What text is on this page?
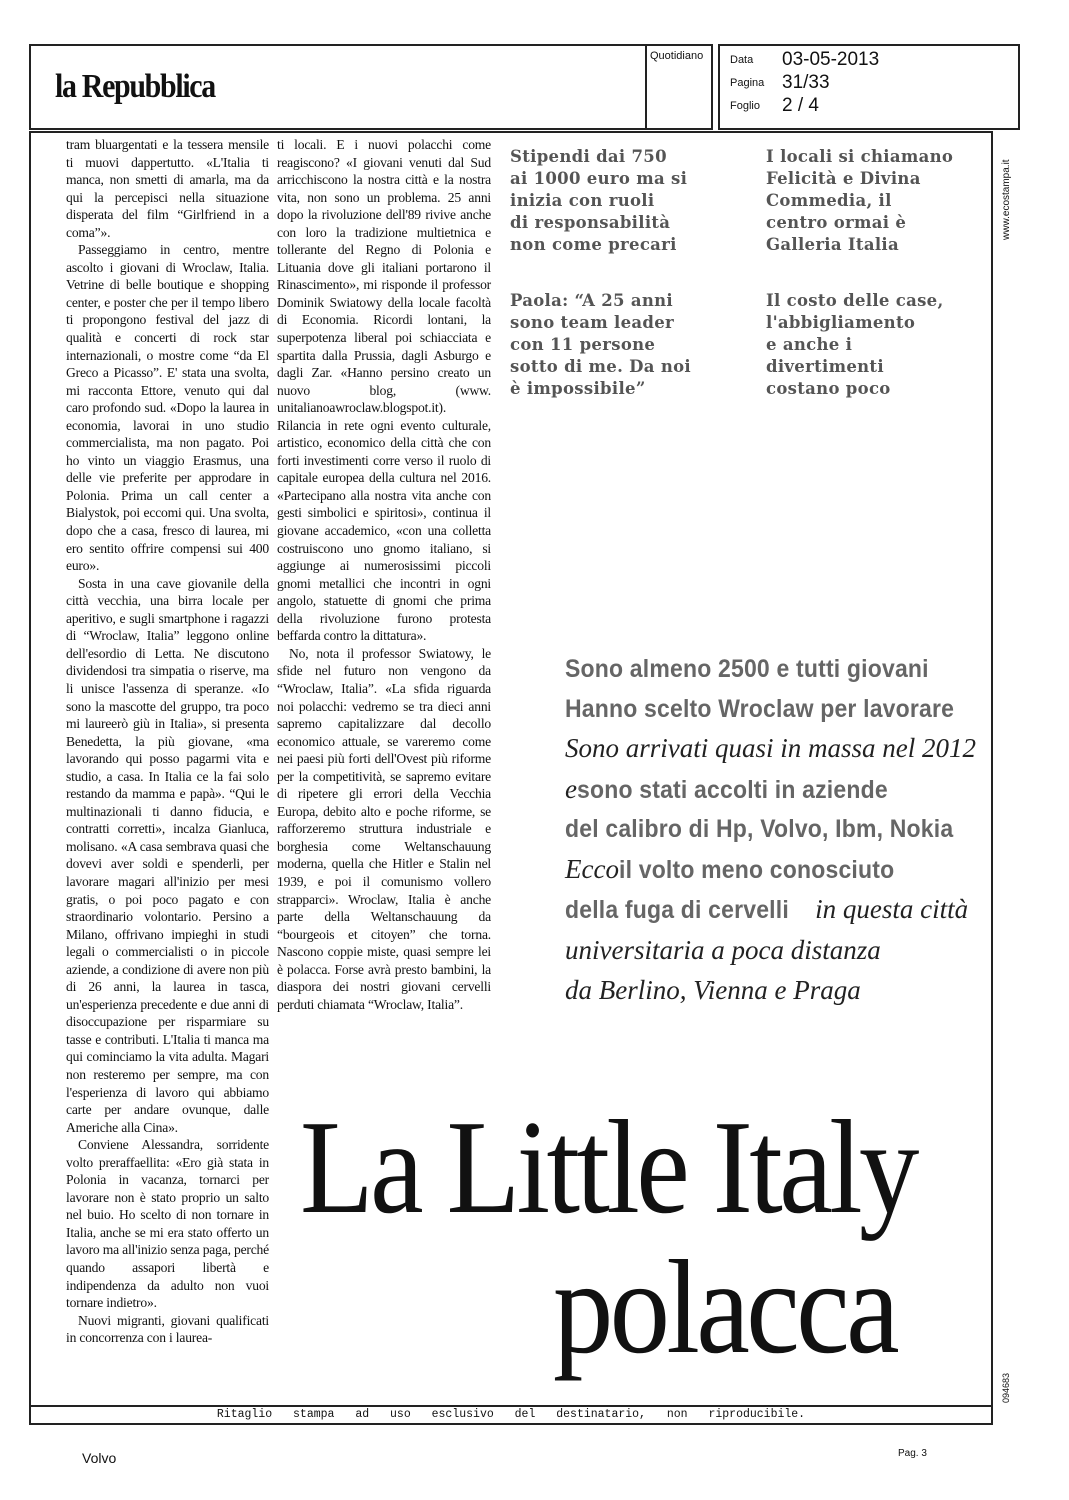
la Repubblica
Quotidiano Data 03-05-2013
Pagina 31/33
Foglio 2 / 4

tram bluargentati e la tessera mensile ti muovi dappertutto. «L'Italia ti manca, non smetti di amarla, ma da qui la percepisci nella situazione disperata del film “Girlfriend in a coma”».

Passeggiamo in centro, mentre ascolto i giovani di Wroclaw, Italia. Vetrine di belle boutique e shopping center, e poster che per il tempo libero ti propongono festival del jazz di qualità e concerti di rock star internazionali, o mostre come “da El Greco a Picasso”. E' stata una svolta, mi racconta Ettore, venuto qui dal caro profondo sud. «Dopo la laurea in economia, lavorai in uno studio commercialista, ma non pagato. Poi ho vinto un viaggio Erasmus, una delle vie preferite per approdare in Polonia. Prima un call center a Bialystok, poi eccomi qui. Una svolta, dopo che a casa, fresco di laurea, mi ero sentito offrire compensi sui 400 euro».

Sosta in una cave giovanile della città vecchia, una birra locale per aperitivo, e sugli smartphone i ragazzi di “Wroclaw, Italia” leggono online dell'esordio di Letta. Ne discutono dividendosi tra simpatia o riserve, ma li unisce l'assenza di speranze. «Io sono la mascotte del gruppo, tra poco mi laureerò giù in Italia», si presenta Benedetta, la più giovane, «ma lavorando qui posso pagarmi vita e studio, a casa. In Italia ce la fai solo restando da mamma e papà». “Qui le multinazionali ti danno fiducia, e contratti corretti», incalza Gianluca, molisano. «A casa sembrava quasi che dovevi aver soldi e spenderli, per lavorare magari all'inizio per mesi gratis, o poi poco pagato e con straordinario volontario. Persino a Milano, offrivano impieghi in studi legali o commercialisti o in piccole aziende, a condizione di avere non più di 26 anni, la laurea in tasca, un'esperienza precedente e due anni di disoccupazione per risparmiare su tasse e contributi. L'Italia ti manca ma qui cominciamo la vita adulta. Magari non resteremo per sempre, ma con l'esperienza di lavoro qui abbiamo carte per andare ovunque, dalle Americhe alla Cina».

Conviene Alessandra, sorridente volto preraffaellita: «Ero già stata in Polonia in vacanza, tornarci per lavorare non è stato proprio un salto nel buio. Ho scelto di non tornare in Italia, anche se mi era stato offerto un lavoro ma all'inizio senza paga, perché quando assapori libertà e indipendenza da adulto non vuoi tornare indietro».

Nuovi migranti, giovani qualificati in concorrenza con i laurea-

ti locali. E i nuovi polacchi come reagiscono? «I giovani venuti dal Sud arricchiscono la nostra città e la nostra vita, non sono un problema. 25 anni dopo la rivoluzione dell'89 rivive anche con loro la tradizione multietnica e tollerante del Regno di Polonia e Lituania dove gli italiani portarono il Rinascimento», mi risponde il professor Dominik Swiatowy della locale facoltà di Economia. Ricordi lontani, la superpotenza liberal poi schiacciata e spartita dalla Prussia, dagli Asburgo e dagli Zar. «Hanno persino creato un nuovo blog, (www. unitalianoawroclaw.blogspot.it). Rilancia in rete ogni evento culturale, artistico, economico della città che con forti investimenti corre verso il ruolo di capitale europea della cultura nel 2016. «Partecipano alla nostra vita anche con gesti simbolici e spiritosi», continua il giovane accademico, «con una colletta costruiscono uno gnomo italiano, si aggiunge ai numerosissimi piccoli gnomi metallici che incontri in ogni angolo, statuette di gnomi che prima della rivoluzione furono protesta beffarda contro la dittatura».

No, nota il professor Swiatowy, le sfide nel futuro non vengono da “Wroclaw, Italia”. «La sfida riguarda noi polacchi: vedremo se tra dieci anni sapremo capitalizzare dal decollo economico attuale, se vareremo come nei paesi più forti dell'Ovest più riforme per la competitività, se sapremo evitare di ripetere gli errori della Vecchia Europa, debito alto e poche riforme, se rafforzeremo struttura industriale e borghesia come Weltanschauung moderna, quella che Hitler e Stalin nel 1939, e poi il comunismo vollero strapparci». Wroclaw, Italia è anche parte della Weltanschauung da “bourgeois et citoyen” che torna. Nascono coppie miste, quasi sempre lei è polacca. Forse avrà presto bambini, la diaspora dei nostri giovani cervelli perduti chiamata “Wroclaw, Italia”.

Stipendi dai 750
ai 1000 euro ma si
inizia con ruoli
di responsabilità
non come precari
Paola: “A 25 anni
sono team leader
con 11 persone
sotto di me. Da noi
è impossibile”
I locali si chiamano
Felicità e Divina
Commedia, il
centro ormai è
Galleria Italia
Il costo delle case,
l'abbigliamento
e anche i
divertimenti
costano poco
Sono almeno 2500 e tutti giovani
Hanno scelto Wroclaw per lavorare
Sono arrivati quasi in massa nel 2012
esono stati accolti in aziende
del calibro di Hp, Volvo, Ibm, Nokia
Eccoil volto meno conosciuto
della fuga di cervelli in questa città
universitaria a poca distanza
da Berlino, Vienna e Praga
La Little Italy
polacca
www.ecostampa.it
094683
Ritaglio stampa ad uso esclusivo del destinatario, non riproducibile.
Volvo	Pag. 3
